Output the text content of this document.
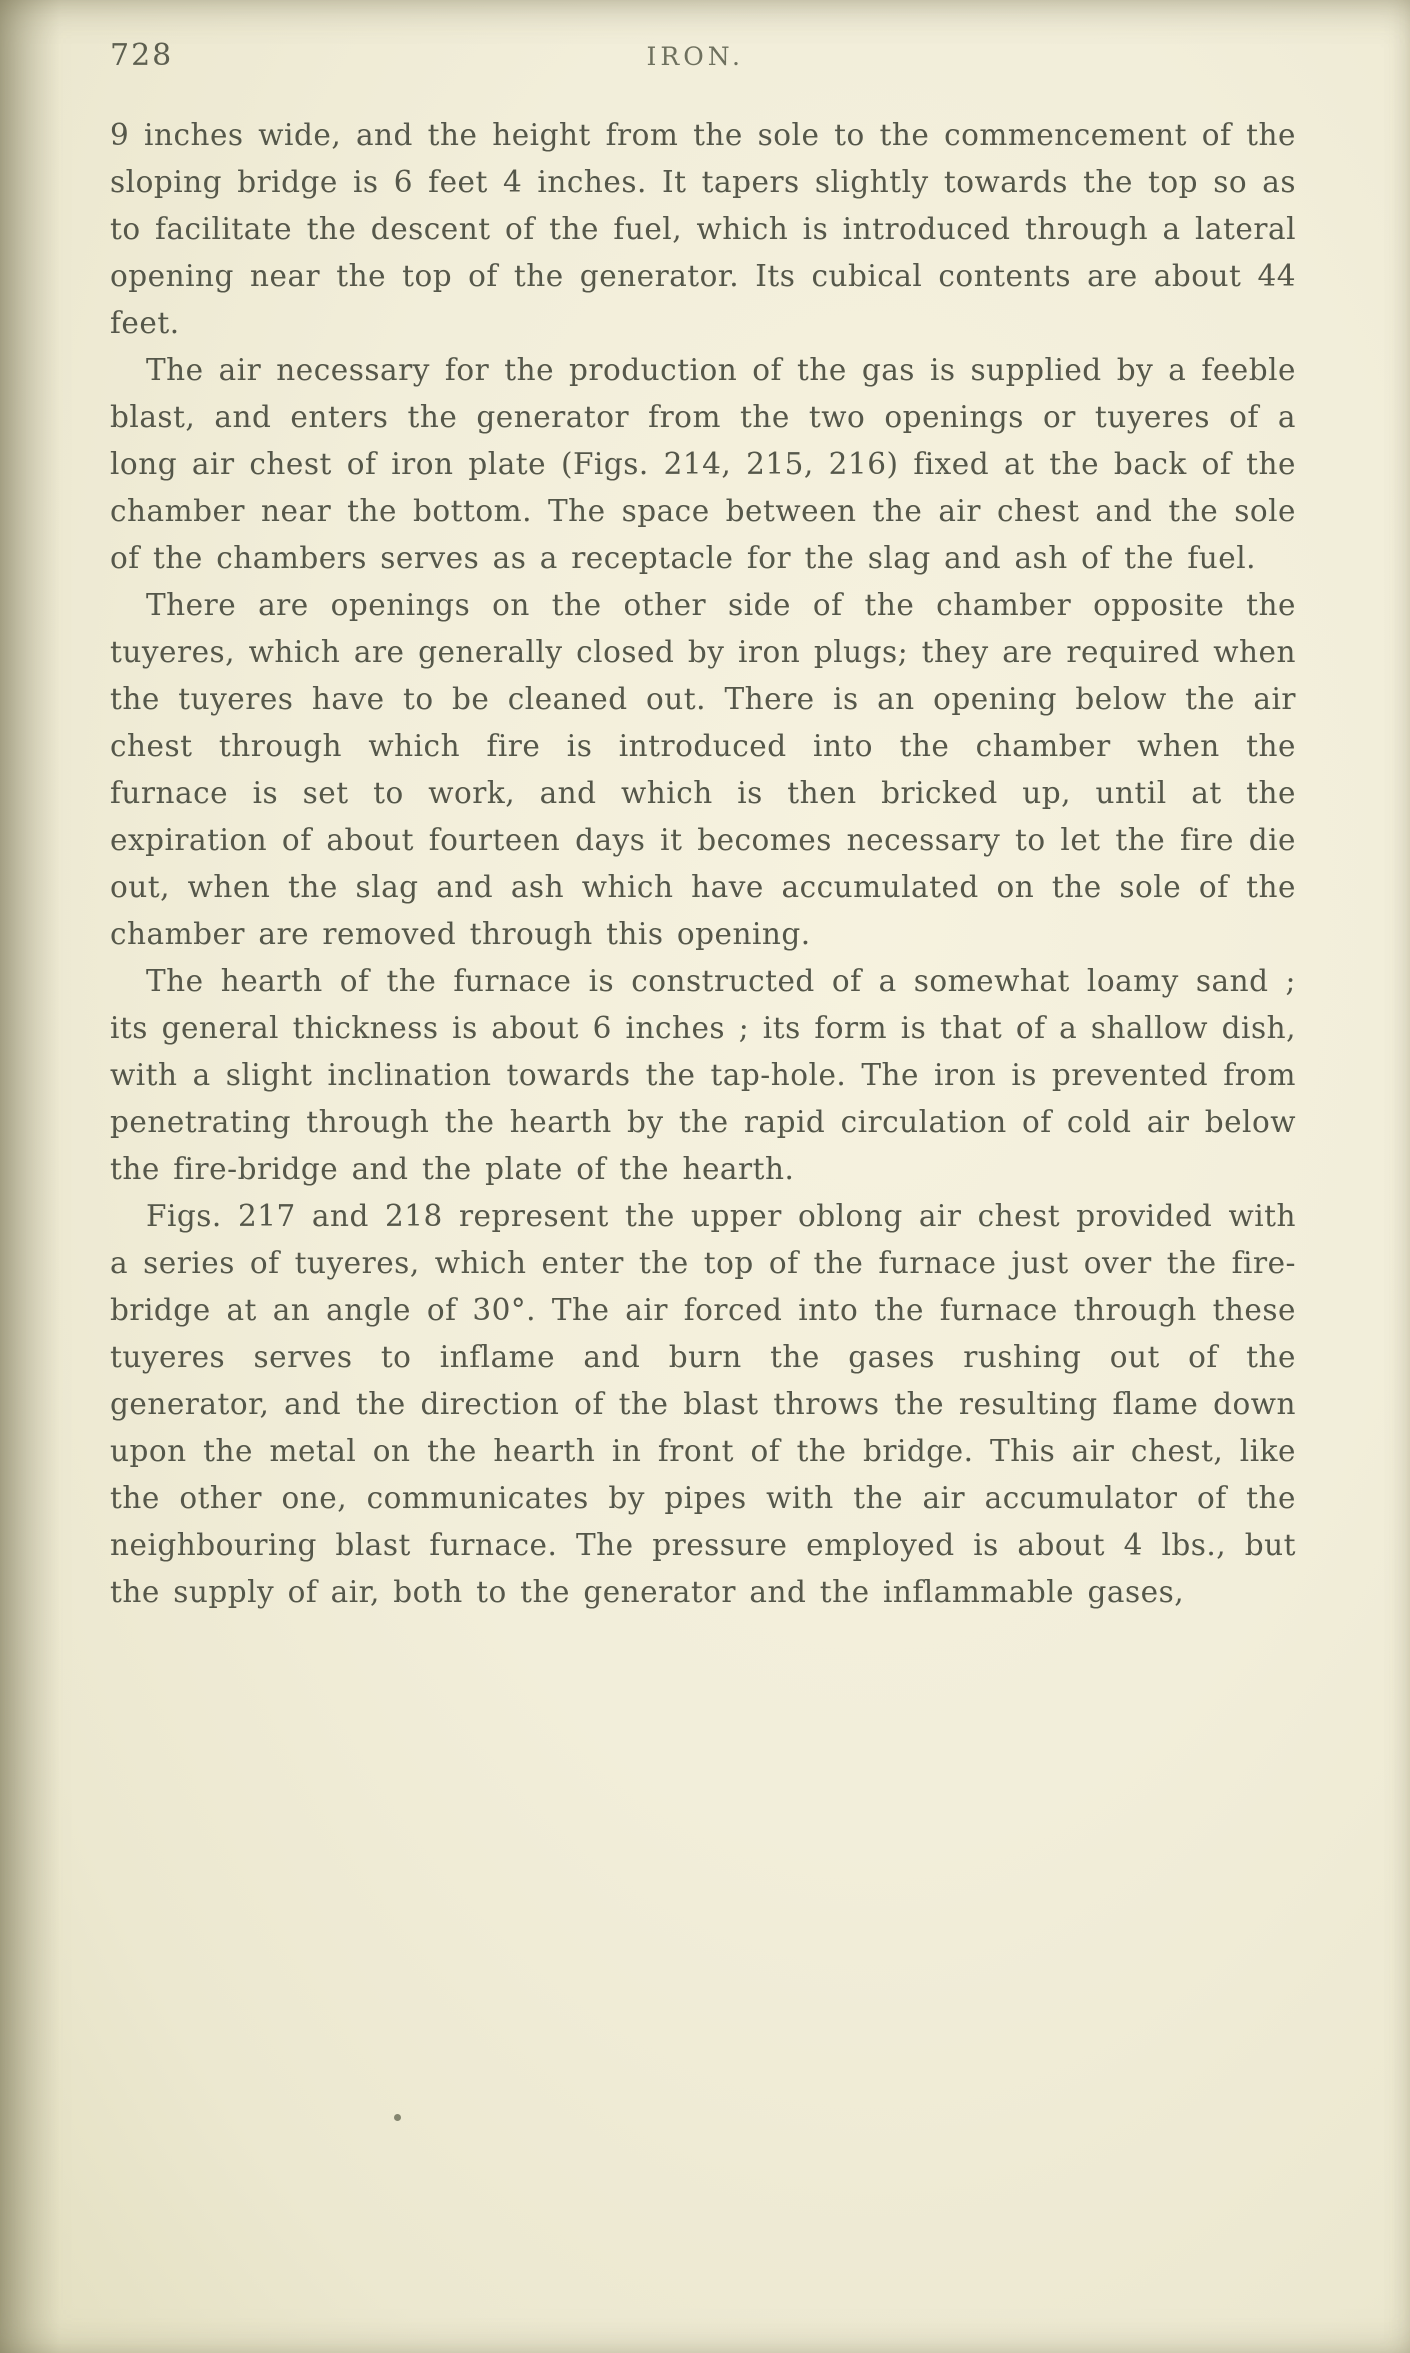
728	IRON.

9 inches wide, and the height from the sole to the commencement of the sloping bridge is 6 feet 4 inches. It tapers slightly towards the top so as to facilitate the descent of the fuel, which is introduced through a lateral opening near the top of the generator. Its cubical contents are about 44 feet.

The air necessary for the production of the gas is supplied by a feeble blast, and enters the generator from the two openings or tuyeres of a long air chest of iron plate (Figs. 214, 215, 216) fixed at the back of the chamber near the bottom. The space between the air chest and the sole of the chambers serves as a receptacle for the slag and ash of the fuel.

There are openings on the other side of the chamber opposite the tuyeres, which are generally closed by iron plugs; they are required when the tuyeres have to be cleaned out. There is an opening below the air chest through which fire is introduced into the chamber when the furnace is set to work, and which is then bricked up, until at the expiration of about fourteen days it becomes necessary to let the fire die out, when the slag and ash which have accumulated on the sole of the chamber are removed through this opening.

The hearth of the furnace is constructed of a somewhat loamy sand ; its general thickness is about 6 inches ; its form is that of a shallow dish, with a slight inclination towards the tap-hole. The iron is prevented from penetrating through the hearth by the rapid circulation of cold air below the fire-bridge and the plate of the hearth.

Figs. 217 and 218 represent the upper oblong air chest provided with a series of tuyeres, which enter the top of the furnace just over the fire-bridge at an angle of 30°. The air forced into the furnace through these tuyeres serves to inflame and burn the gases rushing out of the generator, and the direction of the blast throws the resulting flame down upon the metal on the hearth in front of the bridge. This air chest, like the other one, communicates by pipes with the air accumulator of the neighbouring blast furnace. The pressure employed is about 4 lbs., but the supply of air, both to the generator and the inflammable gases,
